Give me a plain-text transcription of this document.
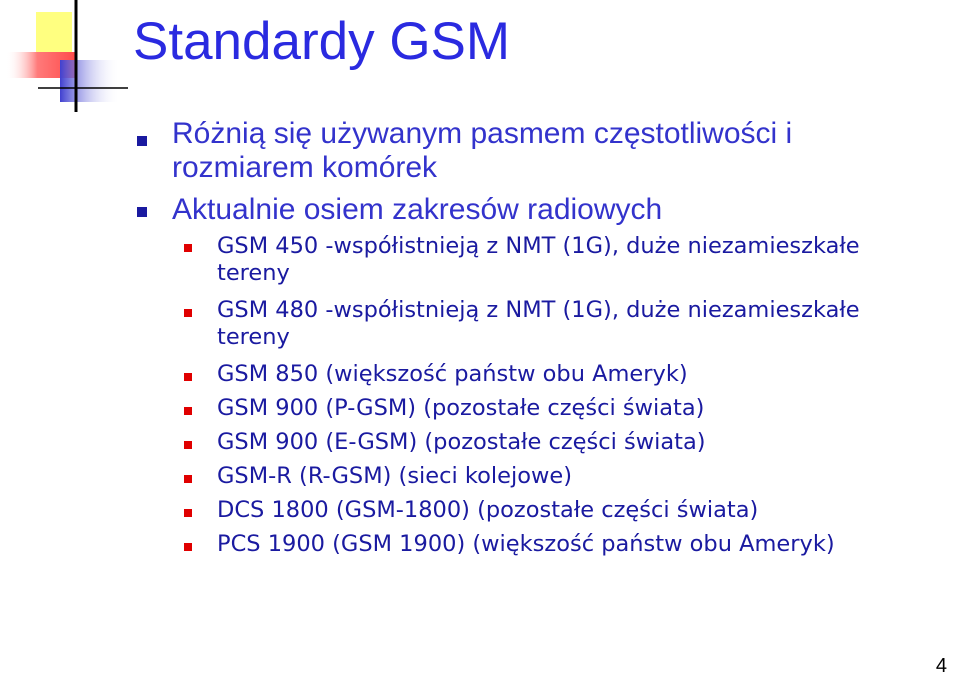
Standardy GSM
Różnią się używanym pasmem częstotliwości i
rozmiarem komórek
Aktualnie osiem zakresów radiowych
GSM 450 -współistnieją z NMT (1G), duże niezamieszkałe
tereny
GSM 480 -współistnieją z NMT (1G), duże niezamieszkałe
tereny
GSM 850 (większość państw obu Ameryk)
GSM 900 (P-GSM) (pozostałe części świata)
GSM 900 (E-GSM) (pozostałe części świata)
GSM-R (R-GSM) (sieci kolejowe)
DCS 1800 (GSM-1800) (pozostałe części świata)
PCS 1900 (GSM 1900) (większość państw obu Ameryk)
4
